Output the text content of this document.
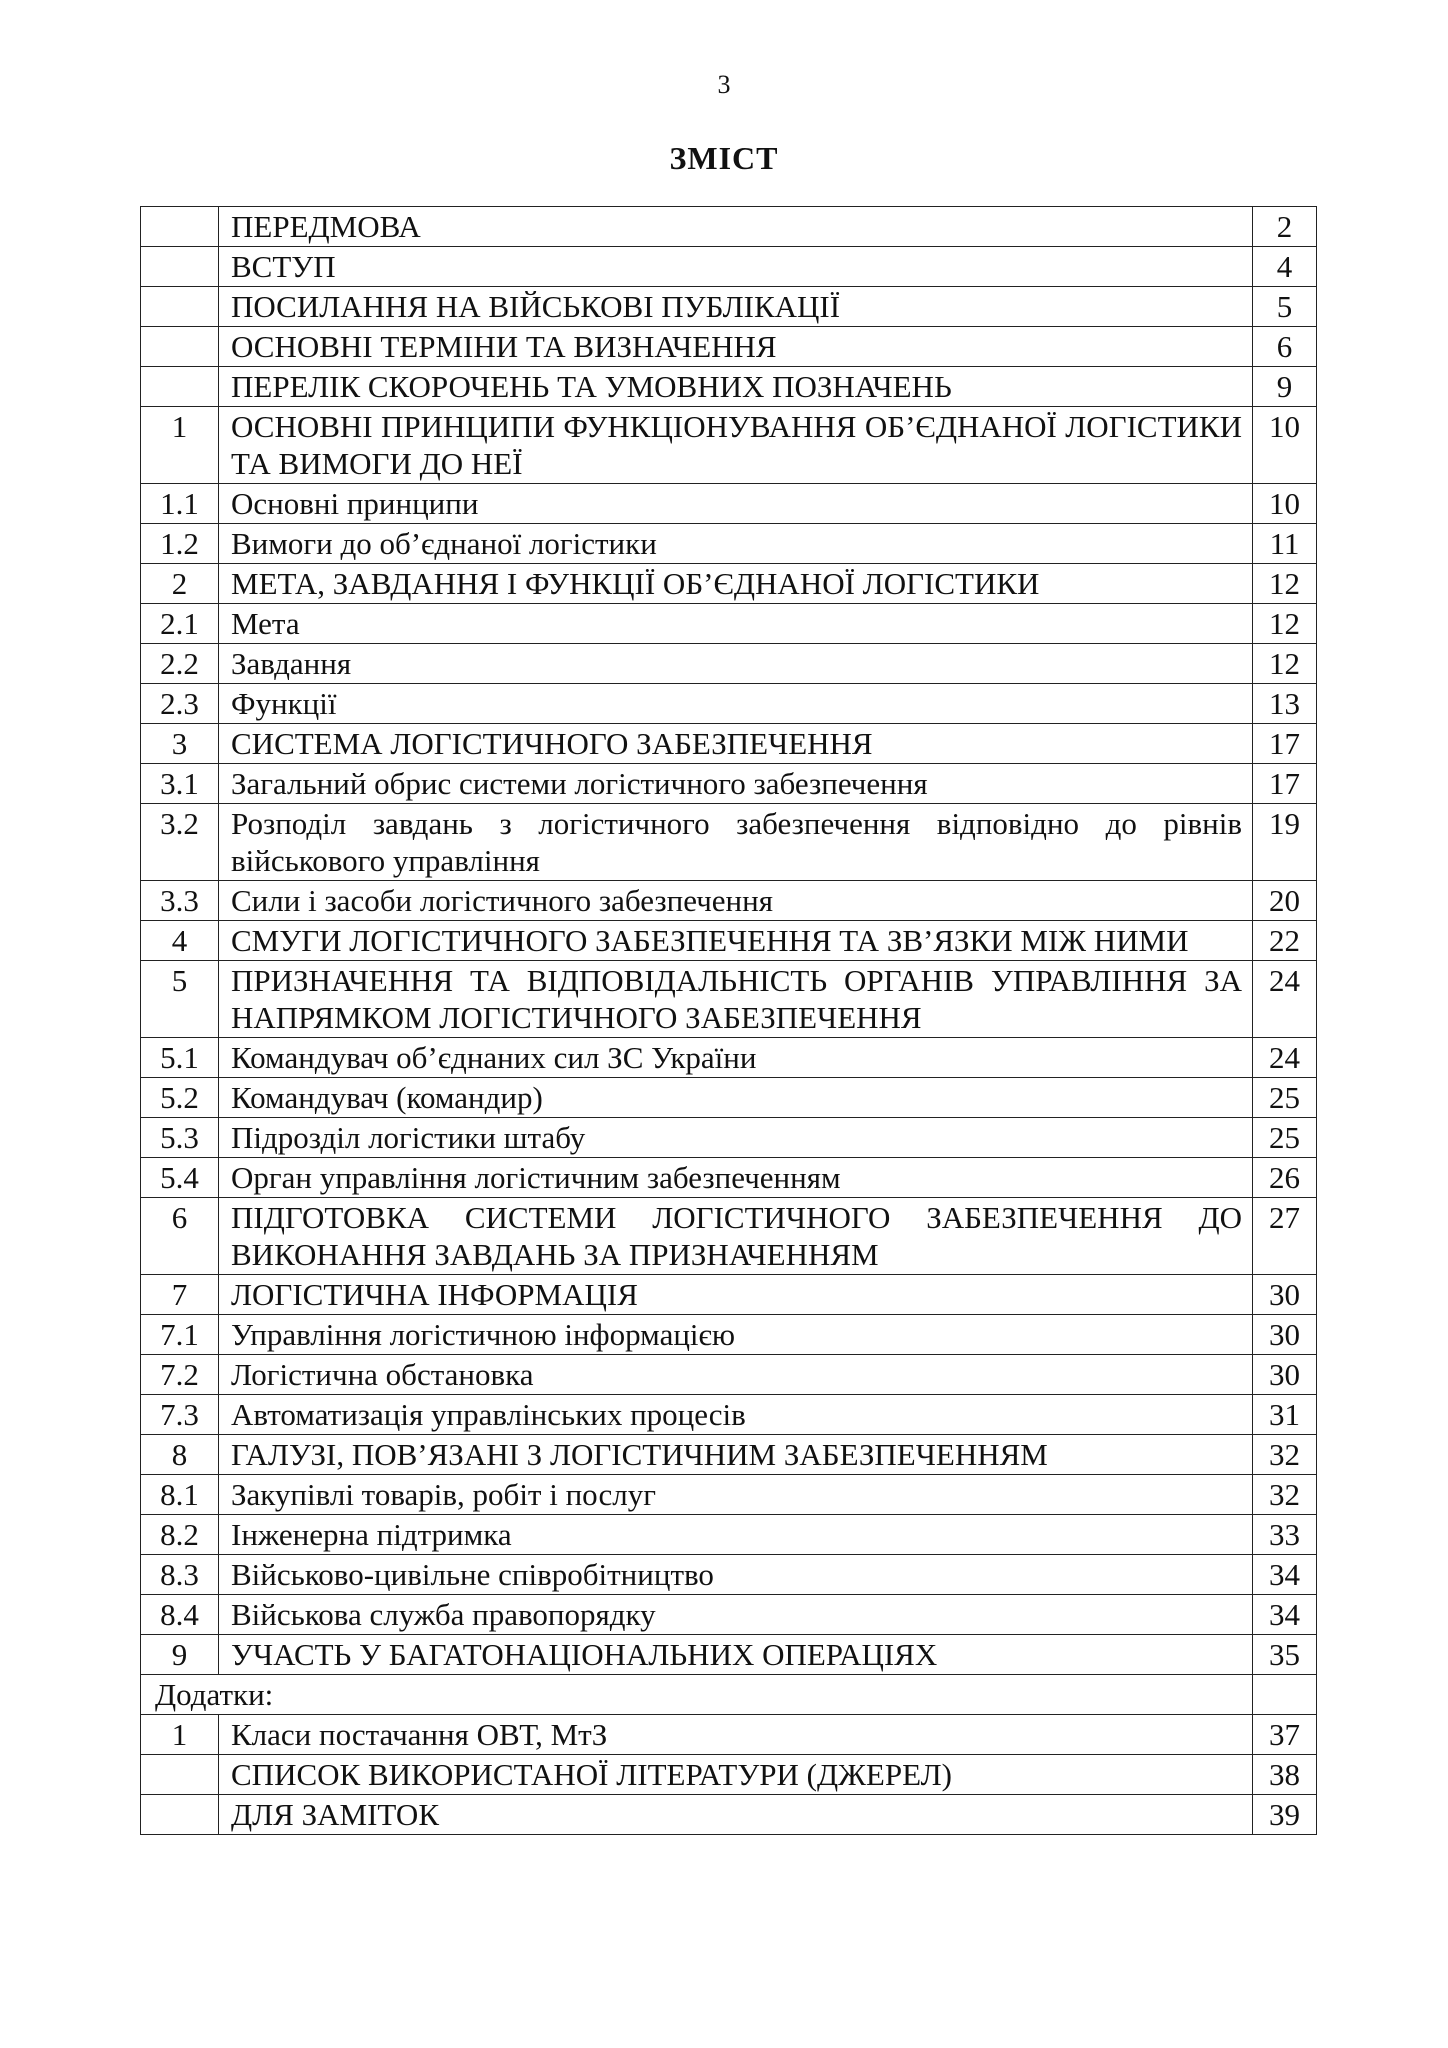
3
ЗМІСТ
	ПЕРЕДМОВА	2
	ВСТУП	4
	ПОСИЛАННЯ НА ВІЙСЬКОВІ ПУБЛІКАЦІЇ	5
	ОСНОВНІ ТЕРМІНИ ТА ВИЗНАЧЕННЯ	6
	ПЕРЕЛІК СКОРОЧЕНЬ ТА УМОВНИХ ПОЗНАЧЕНЬ	9
1	ОСНОВНІ ПРИНЦИПИ ФУНКЦІОНУВАННЯ ОБ’ЄДНАНОЇ ЛОГІСТИКИ ТА ВИМОГИ ДО НЕЇ	10
1.1	Основні принципи	10
1.2	Вимоги до об’єднаної логістики	11
2	МЕТА, ЗАВДАННЯ І ФУНКЦІЇ ОБ’ЄДНАНОЇ ЛОГІСТИКИ	12
2.1	Мета	12
2.2	Завдання	12
2.3	Функції	13
3	СИСТЕМА ЛОГІСТИЧНОГО ЗАБЕЗПЕЧЕННЯ	17
3.1	Загальний обрис системи логістичного забезпечення	17
3.2	Розподіл завдань з логістичного забезпечення відповідно до рівнів військового управління	19
3.3	Сили і засоби логістичного забезпечення	20
4	СМУГИ ЛОГІСТИЧНОГО ЗАБЕЗПЕЧЕННЯ ТА ЗВ’ЯЗКИ МІЖ НИМИ	22
5	ПРИЗНАЧЕННЯ ТА ВІДПОВІДАЛЬНІСТЬ ОРГАНІВ УПРАВЛІННЯ ЗА НАПРЯМКОМ ЛОГІСТИЧНОГО ЗАБЕЗПЕЧЕННЯ	24
5.1	Командувач об’єднаних сил ЗС України	24
5.2	Командувач (командир)	25
5.3	Підрозділ логістики штабу	25
5.4	Орган управління логістичним забезпеченням	26
6	ПІДГОТОВКА СИСТЕМИ ЛОГІСТИЧНОГО ЗАБЕЗПЕЧЕННЯ ДО ВИКОНАННЯ ЗАВДАНЬ ЗА ПРИЗНАЧЕННЯМ	27
7	ЛОГІСТИЧНА ІНФОРМАЦІЯ	30
7.1	Управління логістичною інформацією	30
7.2	Логістична обстановка	30
7.3	Автоматизація управлінських процесів	31
8	ГАЛУЗІ, ПОВ’ЯЗАНІ З ЛОГІСТИЧНИМ ЗАБЕЗПЕЧЕННЯМ	32
8.1	Закупівлі товарів, робіт і послуг	32
8.2	Інженерна підтримка	33
8.3	Військово-цивільне співробітництво	34
8.4	Військова служба правопорядку	34
9	УЧАСТЬ У БАГАТОНАЦІОНАЛЬНИХ ОПЕРАЦІЯХ	35
Додатки:		
1	Класи постачання ОВТ, МтЗ	37
	СПИСОК ВИКОРИСТАНОЇ ЛІТЕРАТУРИ (ДЖЕРЕЛ)	38
	ДЛЯ ЗАМІТОК	39
